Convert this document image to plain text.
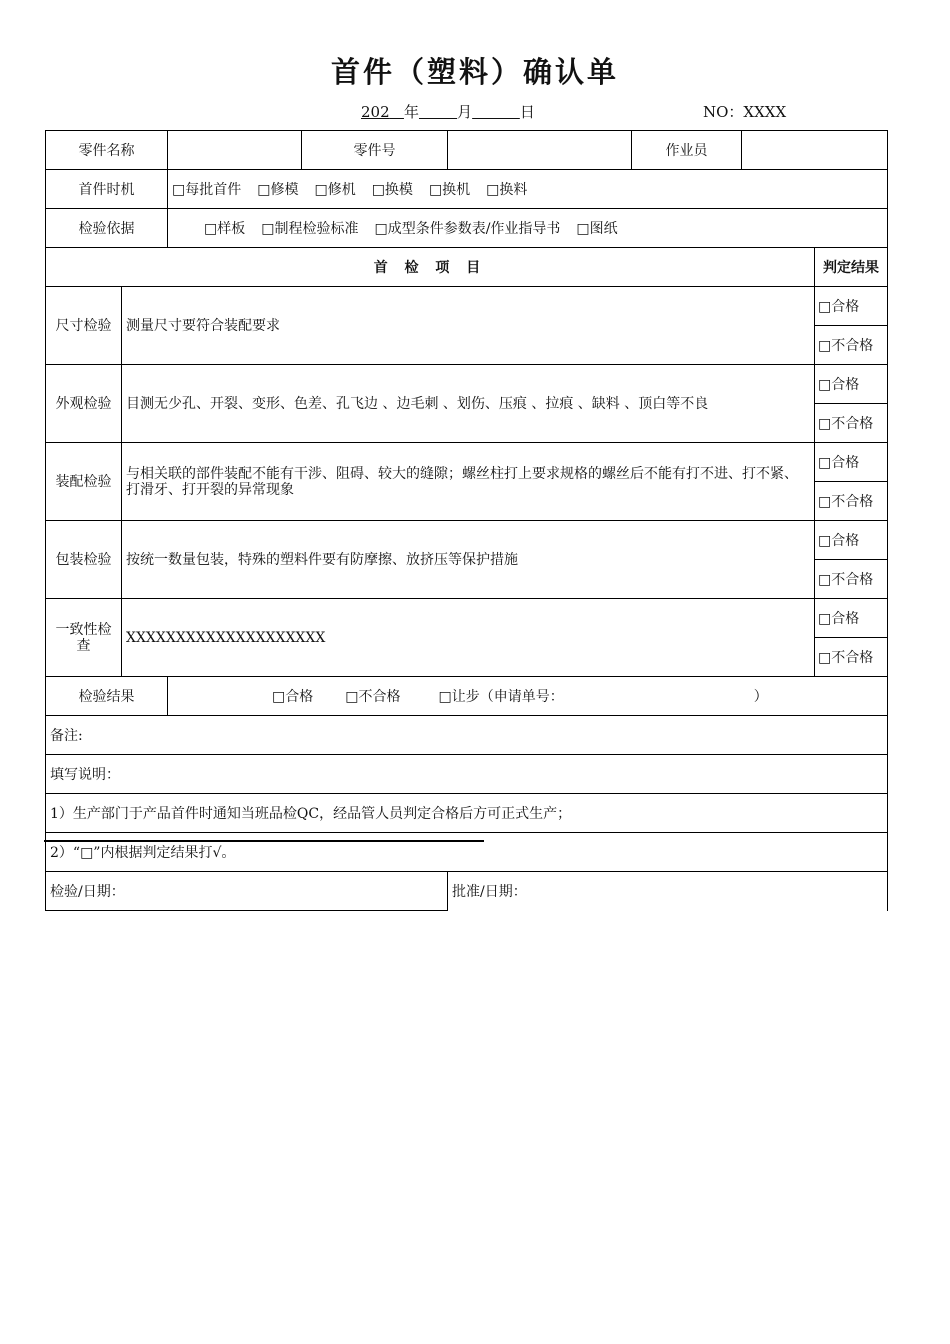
首件（塑料）确认单
202 年	月	日	NO：XXXX
零件名称			零件号		作业员		
首件时机		□每批首件 □修模 □修机 □换模 □换机 □换料					
检验依据		□样板 □制程检验标准 □成型条件参数表/作业指导书 □图纸					
首 检 项 目							判定结果
尺寸检验	测量尺寸要符合装配要求						□合格
							□不合格
外观检验	目测无少孔、开裂、变形、色差、孔飞边 、边毛刺 、划伤、压痕 、拉痕 、缺料 、顶白等不良						□合格
							□不合格
装配检验	与相关联的部件装配不能有干涉、阻碍、较大的缝隙；螺丝柱打上要求规格的螺丝后不能有打不进、打不紧、打滑牙、打开裂的异常现象						□合格
							□不合格
包装检验	按统一数量包装，特殊的塑料件要有防摩擦、放挤压等保护措施						□合格
							□不合格
一致性检查	XXXXXXXXXXXXXXXXXXXX						□合格
							□不合格
检验结果		□合格 □不合格 □让步（申请单号： ）					
备注:							
填写说明：							
1）生产部门于产品首件时通知当班品检QC，经品管人员判定合格后方可正式生产；							
2）“□”内根据判定结果打√。							
检验/日期：				批准/日期：			
